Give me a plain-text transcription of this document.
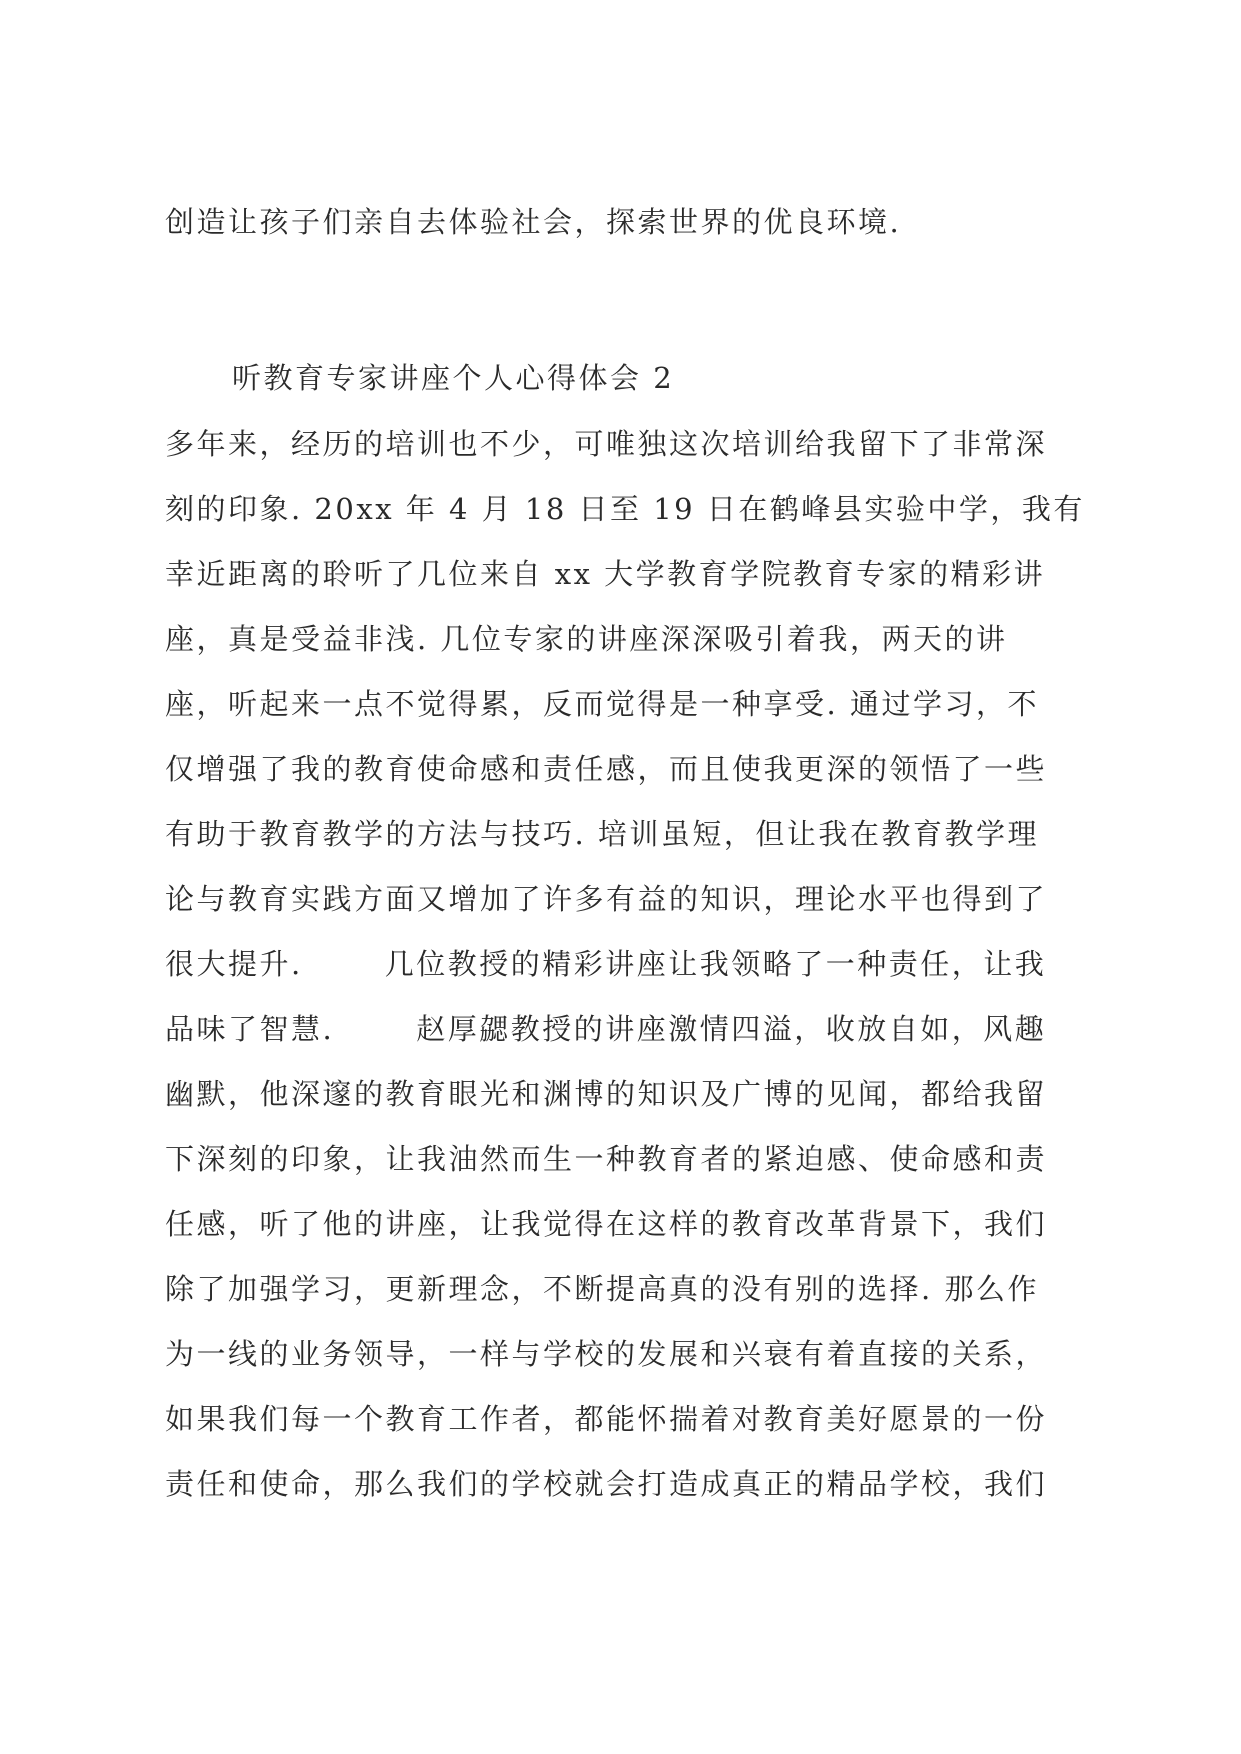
创造让孩子们亲自去体验社会，探索世界的优良环境.
听教育专家讲座个人心得体会 2
多年来，经历的培训也不少，可唯独这次培训给我留下了非常深
刻的印象. 20xx 年 4 月 18 日至 19 日在鹤峰县实验中学，我有
幸近距离的聆听了几位来自 xx 大学教育学院教育专家的精彩讲
座，真是受益非浅. 几位专家的讲座深深吸引着我，两天的讲
座，听起来一点不觉得累，反而觉得是一种享受. 通过学习，不
仅增强了我的教育使命感和责任感，而且使我更深的领悟了一些
有助于教育教学的方法与技巧. 培训虽短，但让我在教育教学理
论与教育实践方面又增加了许多有益的知识，理论水平也得到了
很大提升.       几位教授的精彩讲座让我领略了一种责任，让我
品味了智慧.       赵厚勰教授的讲座激情四溢，收放自如，风趣
幽默，他深邃的教育眼光和渊博的知识及广博的见闻，都给我留
下深刻的印象，让我油然而生一种教育者的紧迫感、使命感和责
任感，听了他的讲座，让我觉得在这样的教育改革背景下，我们
除了加强学习，更新理念，不断提高真的没有别的选择. 那么作
为一线的业务领导，一样与学校的发展和兴衰有着直接的关系，
如果我们每一个教育工作者，都能怀揣着对教育美好愿景的一份
责任和使命，那么我们的学校就会打造成真正的精品学校，我们
